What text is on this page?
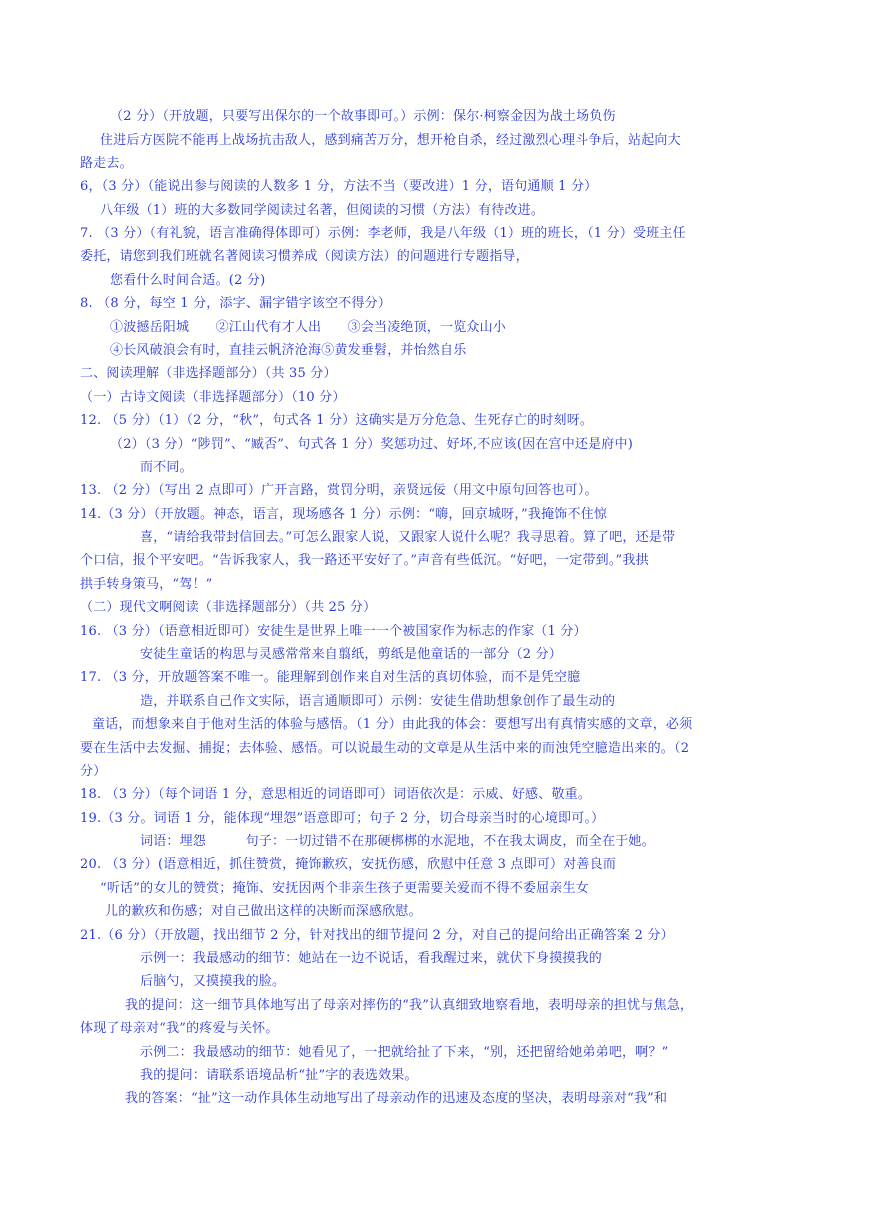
（2 分）（开放题，只要写出保尔的一个故事即可。）示例：保尔·柯察金因为战土场负伤
住进后方医院不能再上战场抗击敌人，感到痛苦万分，想开枪自杀，经过激烈心理斗争后，站起向大
路走去。
6，（3 分）（能说出参与阅读的人数多 1 分，方法不当（要改进）1 分，语句通顺 1 分）
八年级（1）班的大多数同学阅读过名著，但阅读的习惯（方法）有待改进。
7. （3 分）（有礼貌，语言准确得体即可）示例：李老师，我是八年级（1）班的班长，（1 分）受班主任
委托，请您到我们班就名著阅读习惯养成（阅读方法）的问题进行专题指导，
您看什么时间合适。(2 分)
8. （8 分，每空 1 分，添字、漏字错字该空不得分）
①波撼岳阳城　　②江山代有才人出　　③会当凌绝顶，一览众山小
④长风破浪会有时，直挂云帆济沧海⑤黄发垂髫，并怡然自乐
二、阅读理解（非选择题部分）（共 35 分）
（一）古诗文阅读（非选择题部分）（10 分）
12. （5 分）（1）（2 分，“秋”，句式各 1 分）这确实是万分危急、生死存亡的时刻呀。
（2）（3 分）“陟罚”、“臧否”、句式各 1 分）奖惩功过、好坏,不应该(因在宫中还是府中)
而不同。
13. （2 分）（写出 2 点即可）广开言路，赏罚分明，亲贤远佞（用文中原句回答也可）。
14.（3 分）（开放题。神态，语言，现场感各 1 分）示例：“嗨，回京城呀，”我掩饰不住惊
喜，“请给我带封信回去。”可怎么跟家人说，又跟家人说什么呢？我寻思着。算了吧，还是带
个口信，报个平安吧。“告诉我家人，我一路还平安好了。”声音有些低沉。“好吧，一定带到。”我拱
拱手转身策马，“驾！”
（二）现代文啊阅读（非选择题部分）（共 25 分）
16. （3 分）（语意相近即可）安徒生是世界上唯一一个被国家作为标志的作家（1 分）
安徒生童话的构思与灵感常常来自翦纸，剪纸是他童话的一部分（2 分）
17. （3 分，开放题答案不唯一。能理解到创作来自对生活的真切体验，而不是凭空臆
造，并联系自己作文实际，语言通顺即可）示例：安徒生借助想象创作了最生动的
童话，而想象来自于他对生活的体验与感悟。（1 分）由此我的体会：要想写出有真情实感的文章，必须
要在生活中去发掘、捕捉；去体验、感悟。可以说最生动的文章是从生活中来的而浊凭空臆造出来的。（2
分）
18. （3 分）（每个词语 1 分，意思相近的词语即可）词语依次是：示威、好感、敬重。
19.（3 分。词语 1 分，能体现“埋怨”语意即可；句子 2 分，切合母亲当时的心境即可。）
词语：埋怨　　　句子：一切过错不在那硬梆梆的水泥地，不在我太调皮，而全在于她。
20. （3 分）(语意相近，抓住赞赏，掩饰歉疚，安抚伤感，欣慰中任意 3 点即可）对善良而
“听话”的女儿的赞赏；掩饰、安抚因两个非亲生孩子更需要关爱而不得不委屈亲生女
儿的歉疚和伤感；对自己做出这样的决断而深感欣慰。
21.（6 分）（开放题，找出细节 2 分，针对找出的细节提问 2 分，对自己的提问给出正确答案 2 分）
示例一：我最感动的细节：她站在一边不说话，看我醒过来，就伏下身摸摸我的
后脑勺，又摸摸我的脸。
我的提问：这一细节具体地写出了母亲对摔伤的“我”认真细致地察看地，表明母亲的担忧与焦急，
体现了母亲对“我”的疼爱与关怀。
示例二：我最感动的细节：她看见了，一把就给扯了下来，“别，还把留给她弟弟吧，啊？”
我的提问：请联系语境品析“扯”字的表选效果。
我的答案：“扯”这一动作具体生动地写出了母亲动作的迅速及态度的坚决，表明母亲对“我”和
